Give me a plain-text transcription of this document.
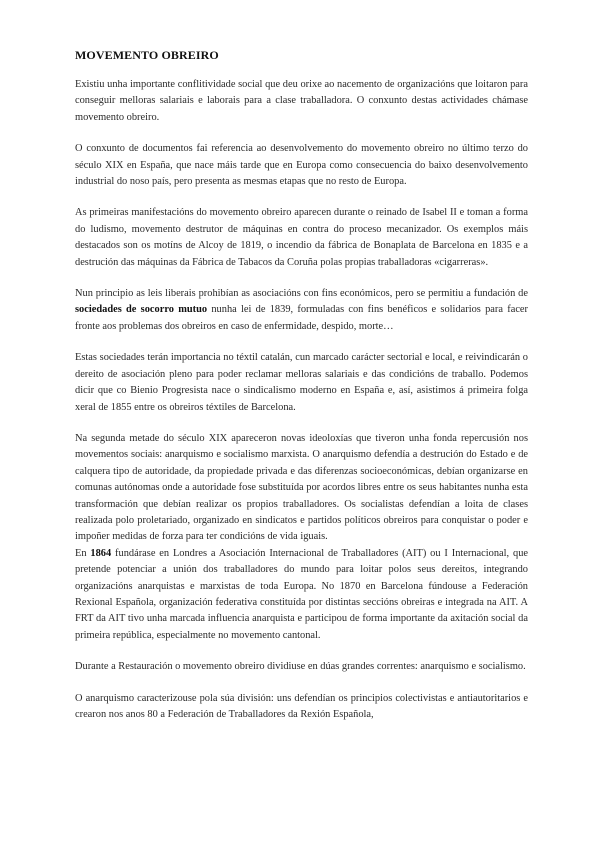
MOVEMENTO OBREIRO

Existiu unha importante conflitividade social que deu orixe ao nacemento de organizacións que loitaron para conseguir melloras salariais e laborais para a clase traballadora. O conxunto destas actividades chámase movemento obreiro.

O conxunto de documentos fai referencia ao desenvolvemento do movemento obreiro no último terzo do século XIX en España, que nace máis tarde que en Europa como consecuencia do baixo desenvolvemento industrial do noso país, pero presenta as mesmas etapas que no resto de Europa.

As primeiras manifestacións do movemento obreiro aparecen durante o reinado de Isabel II e toman a forma do ludismo, movemento destrutor de máquinas en contra do proceso mecanizador. Os exemplos máis destacados son os motíns de Alcoy de 1819, o incendio da fábrica de Bonaplata de Barcelona en 1835 e a destrución das máquinas da Fábrica de Tabacos da Coruña polas propias traballadoras «cigarreras».

Nun principio as leis liberais prohibían as asociacións con fins económicos, pero se permitiu a fundación de sociedades de socorro mutuo nunha lei de 1839, formuladas con fins benéficos e solidarios para facer fronte aos problemas dos obreiros en caso de enfermidade, despido, morte…

Estas sociedades terán importancia no téxtil catalán, cun marcado carácter sectorial e local, e reivindicarán o dereito de asociación pleno para poder reclamar melloras salariais e das condicións de traballo. Podemos dicir que co Bienio Progresista nace o sindicalismo moderno en España e, así, asistimos á primeira folga xeral de 1855 entre os obreiros téxtiles de Barcelona.

Na segunda metade do século XIX apareceron novas ideoloxías que tiveron unha fonda repercusión nos movementos sociais: anarquismo e socialismo marxista. O anarquismo defendía a destrución do Estado e de calquera tipo de autoridade, da propiedade privada e das diferenzas socioeconómicas, debían organizarse en comunas autónomas onde a autoridade fose substituída por acordos libres entre os seus habitantes nunha esta transformación que debían realizar os propios traballadores. Os socialistas defendían a loita de clases realizada polo proletariado, organizado en sindicatos e partidos políticos obreiros para conquistar o poder e impoñer medidas de forza para ter condicións de vida iguais.

En 1864 fundárase en Londres a Asociación Internacional de Traballadores (AIT) ou I Internacional, que pretende potenciar a unión dos traballadores do mundo para loitar polos seus dereitos, integrando organizacións anarquistas e marxistas de toda Europa. No 1870 en Barcelona fúndouse a Federación Rexional Española, organización federativa constituída por distintas seccións obreiras e integrada na AIT. A FRT da AIT tivo unha marcada influencia anarquista e participou de forma importante da axitación social da primeira república, especialmente no movemento cantonal.

Durante a Restauración o movemento obreiro dividiuse en dúas grandes correntes: anarquismo e socialismo.

O anarquismo caracterizouse pola súa división: uns defendían os principios colectivistas e antiautoritarios e crearon nos anos 80 a Federación de Traballadores da Rexión Española,
